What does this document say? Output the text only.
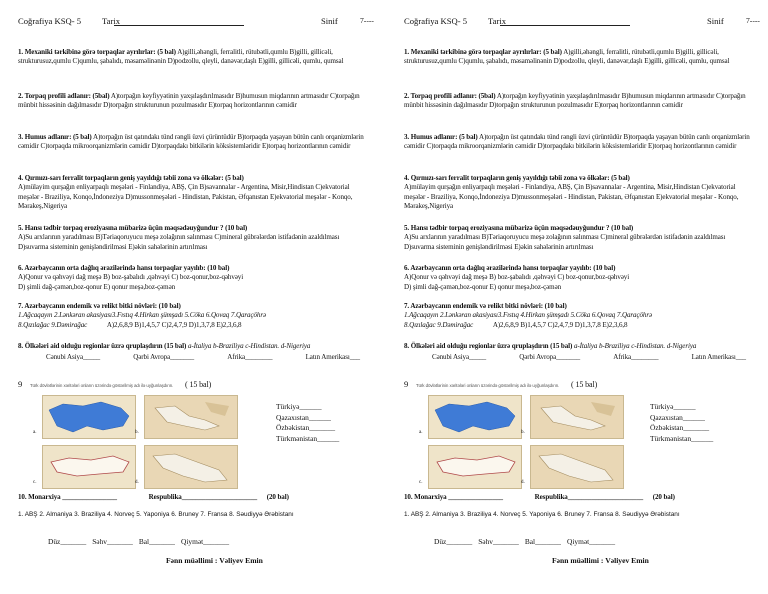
Coğrafiya KSQ- 5 Tarix	Sinif	7----
1. Mexaniki tərkibinə görə torpaqlar ayrılırlar: (5 bal) A)gilli,əhəngli, ferralitli, rütubətli,qumlu B)gilli, gillicəli, strukturusuz,qumlu C)qumlu, şabalıdı, məsaməlinənin D)podzollu, qleyli, danəvər,daşlı E)gilli, gillicəli, qumlu, qumsal
2. Torpaq profili adlanır: (5bal) A)torpağın keyfiyyətinin yaxşılaşdırılmasıdır B)humusun miqdarının artmasıdır C)torpağın münbit hissəsinin dağılmasıdır D)torpağın strukturunun pozulmasıdır E)torpaq horizontlarının cəmidir
3. Humus adlanır: (5 bal) A)torpağın üst qatındakı tünd rəngli üzvi çürüntüdür B)torpaqda yaşayan bütün canlı orqanizmlərin cəmidir C)torpaqda mikroorqanizmlərin cəmidir D)torpaqdakı bitkilərin köksistemləridir E)torpaq horizontlarının cəmidir
4. Qırmızı-sarı ferralit torpaqların geniş yayıldığı təbii zona və ölkələr: (5 bal)
A)mülayim qurşağın enliyarpaqlı meşələri - Finlandiya, ABŞ, Çin B)savannalar - Argentina, Misir,Hindistan C)ekvatorial meşələr - Braziliya, Konqo,İndoneziya D)mussonmeşələri - Hindistan, Pakistan, Əfqanıstan E)ekvatorial meşələr - Konqo, Mərakeş,Nigeriya
5. Hansı tədbir torpaq eroziyasına mübarizə üçün məqsədəuyğundur ? (10 bal)
A)Su arxlarının yaradılması B)Təriaqoruyucu meşə zolağının salınması C)mineral gübrələrdən istifadənin azaldılması D)suvarma sisteminin genişləndirilməsi E)əkin sahələrinin artırılması
6. Azərbaycanın orta dağlıq ərazilərində hansı torpaqlar yayılıb: (10 bal)
A)Qonur və qəhvəyi dağ meşə B) boz-şabalıdı ,qəhvəyi C) boz-qonur,boz-qəhvəyi
D) şimli dağ-çəmən,boz-qonur E) qonur meşə,boz-çəmən
7. Azərbaycanın endemik və relikt bitki növləri: (10 bal)
1.Ağcaqayın 2.Lənkəran akasiyası3.Fıstıq 4.Hirkan şümşadı 5.Cöka 6.Qovaq 7.Qaraçöhrə
8.Qızılağac 9.Dəmirağac	A)2,6,8,9 B)1,4,5,7 C)2,4,7,9 D)1,3,7,8 E)2,3,6,8
8. Ölkələri aid olduğu regionlar üzrə qruplaşdırın (15 bal) a-İtaliya b-Braziliya c-Hindistan. d-Nigeriya
Cənubi Asiya_____	Qərbi Avropa_______	Afrika________	Latın Amerikası___
9 Türk dövlətlərinin xəritələri onların üzərində göstərilmiş adı ilə uyğunlaşdırın. ( 15 bal)
a.	b.
c.	d.
Türkiyə______
Qazaxıstan______
Özbəkistan_______
Türkmənistan______
10. Monarxiya ________________	Respublika______________________ (20 bal)
1. ABŞ 2. Almaniya 3. Braziliya 4. Norveç 5. Yaponiya 6. Bruney 7. Fransa 8. Səudiyyə Ərəbistanı
Düz_______ Səhv_______ Bal_______ Qiymət_______
Fənn müəllimi : Vəliyev Emin
Coğrafiya KSQ- 5 Tarix	Sinif	7----
1. Mexaniki tərkibinə görə torpaqlar ayrılırlar: (5 bal) A)gilli,əhəngli, ferralitli, rütubətli,qumlu B)gilli, gillicəli, strukturusuz,qumlu C)qumlu, şabalıdı, məsaməlinənin D)podzollu, qleyli, danəvər,daşlı E)gilli, gillicəli, qumlu, qumsal
2. Torpaq profili adlanır: (5bal) A)torpağın keyfiyyətinin yaxşılaşdırılmasıdır B)humusun miqdarının artmasıdır C)torpağın münbit hissəsinin dağılmasıdır D)torpağın strukturunun pozulmasıdır E)torpaq horizontlarının cəmidir
3. Humus adlanır: (5 bal) A)torpağın üst qatındakı tünd rəngli üzvi çürüntüdür B)torpaqda yaşayan bütün canlı orqanizmlərin cəmidir C)torpaqda mikroorqanizmlərin cəmidir D)torpaqdakı bitkilərin köksistemləridir E)torpaq horizontlarının cəmidir
4. Qırmızı-sarı ferralit torpaqların geniş yayıldığı təbii zona və ölkələr: (5 bal)
A)mülayim qurşağın enliyarpaqlı meşələri - Finlandiya, ABŞ, Çin B)savannalar - Argentina, Misir,Hindistan C)ekvatorial meşələr - Braziliya, Konqo,İndoneziya D)mussonmeşələri - Hindistan, Pakistan, Əfqanıstan E)ekvatorial meşələr - Konqo, Mərakeş,Nigeriya
5. Hansı tədbir torpaq eroziyasına mübarizə üçün məqsədəuyğundur ? (10 bal)
A)Su arxlarının yaradılması B)Təriaqoruyucu meşə zolağının salınması C)mineral gübrələrdən istifadənin azaldılması D)suvarma sisteminin genişləndirilməsi E)əkin sahələrinin artırılması
6. Azərbaycanın orta dağlıq ərazilərində hansı torpaqlar yayılıb: (10 bal)
A)Qonur və qəhvəyi dağ meşə B) boz-şabalıdı ,qəhvəyi C) boz-qonur,boz-qəhvəyi
D) şimli dağ-çəmən,boz-qonur E) qonur meşə,boz-çəmən
7. Azərbaycanın endemik və relikt bitki növləri: (10 bal)
1.Ağcaqayın 2.Lənkəran akasiyası3.Fıstıq 4.Hirkan şümşadı 5.Cöka 6.Qovaq 7.Qaraçöhrə
8.Qızılağac 9.Dəmirağac	A)2,6,8,9 B)1,4,5,7 C)2,4,7,9 D)1,3,7,8 E)2,3,6,8
8. Ölkələri aid olduğu regionlar üzrə qruplaşdırın (15 bal) a-İtaliya b-Braziliya c-Hindistan. d-Nigeriya
Cənubi Asiya_____	Qərbi Avropa_______	Afrika________	Latın Amerikası___
9 Türk dövlətlərinin xəritələri onların üzərində göstərilmiş adı ilə uyğunlaşdırın. ( 15 bal)
a.	b.
c.	d.
Türkiyə______
Qazaxıstan______
Özbəkistan_______
Türkmənistan______
10. Monarxiya ________________	Respublika______________________ (20 bal)
1. ABŞ 2. Almaniya 3. Braziliya 4. Norveç 5. Yaponiya 6. Bruney 7. Fransa 8. Səudiyyə Ərəbistanı
Düz_______ Səhv_______ Bal_______ Qiymət_______
Fənn müəllimi : Vəliyev Emin
